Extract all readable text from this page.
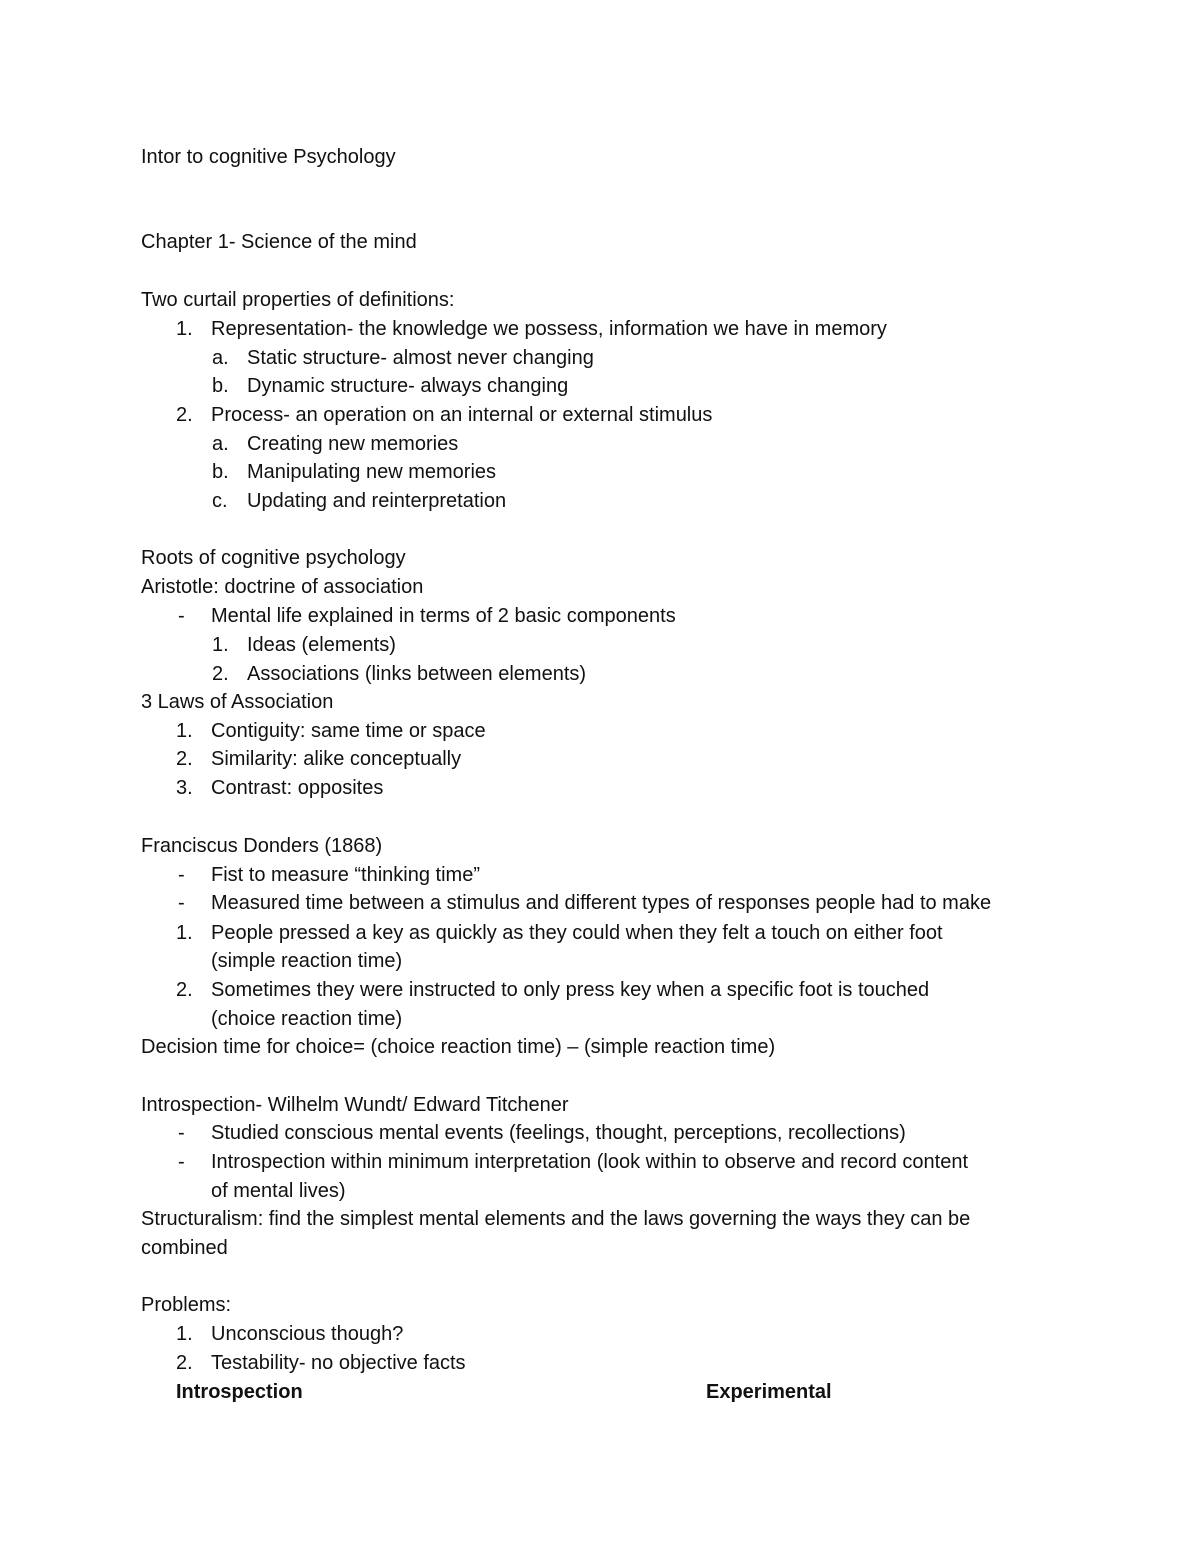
Intor to cognitive Psychology
Chapter 1- Science of the mind
Two curtail properties of definitions:
1. Representation- the knowledge we possess, information we have in memory
a. Static structure- almost never changing
b. Dynamic structure- always changing
2. Process- an operation on an internal or external stimulus
a. Creating new memories
b. Manipulating new memories
c. Updating and reinterpretation
Roots of cognitive psychology
Aristotle: doctrine of association
- Mental life explained in terms of 2 basic components
1. Ideas (elements)
2. Associations (links between elements)
3 Laws of Association
1. Contiguity: same time or space
2. Similarity: alike conceptually
3. Contrast: opposites
Franciscus Donders (1868)
- Fist to measure “thinking time”
- Measured time between a stimulus and different types of responses people had to make
1. People pressed a key as quickly as they could when they felt a touch on either foot
(simple reaction time)
2. Sometimes they were instructed to only press key when a specific foot is touched
(choice reaction time)
Decision time for choice= (choice reaction time) – (simple reaction time)
Introspection- Wilhelm Wundt/ Edward Titchener
- Studied conscious mental events (feelings, thought, perceptions, recollections)
- Introspection within minimum interpretation (look within to observe and record content
of mental lives)
Structuralism: find the simplest mental elements and the laws governing the ways they can be
combined
Problems:
1. Unconscious though?
2. Testability- no objective facts
Introspection	Experimental
